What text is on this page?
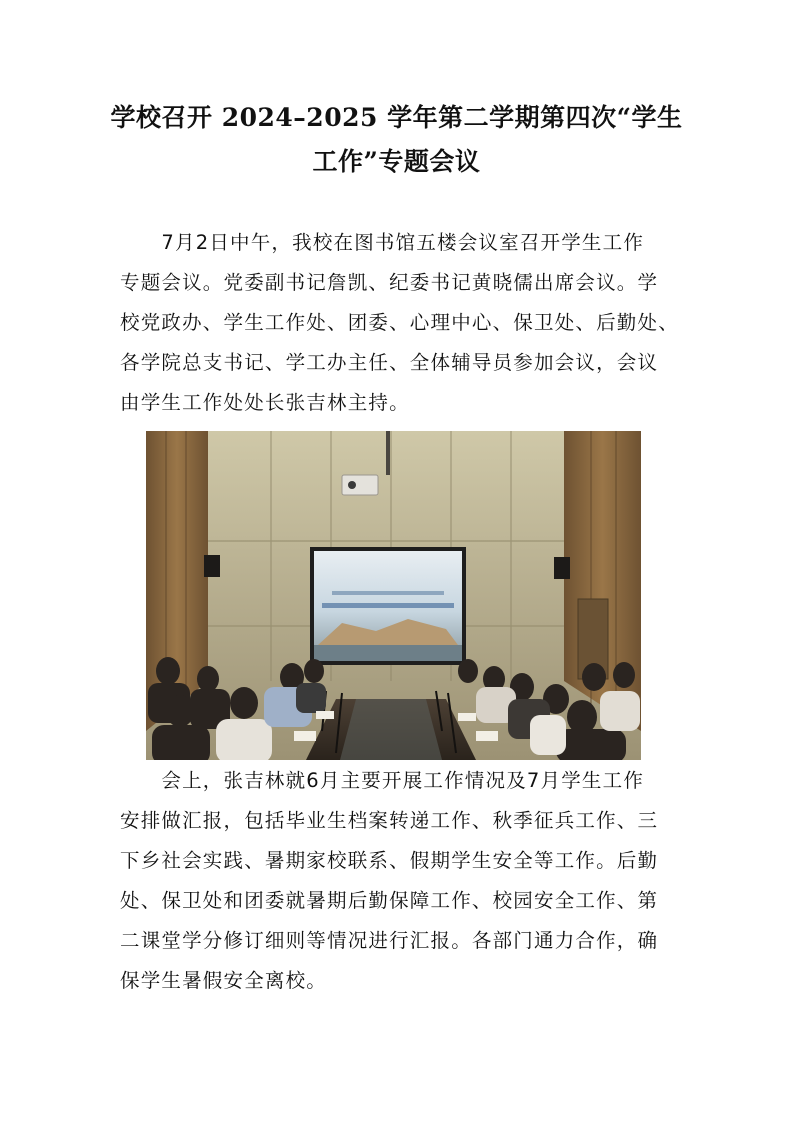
学校召开 2024–2025 学年第二学期第四次“学生
工作”专题会议

　　7月2日中午，我校在图书馆五楼会议室召开学生工作
专题会议。党委副书记詹凯、纪委书记黄晓儒出席会议。学
校党政办、学生工作处、团委、心理中心、保卫处、后勤处、
各学院总支书记、学工办主任、全体辅导员参加会议，会议
由学生工作处处长张吉林主持。

　　会上，张吉林就6月主要开展工作情况及7月学生工作
安排做汇报，包括毕业生档案转递工作、秋季征兵工作、三
下乡社会实践、暑期家校联系、假期学生安全等工作。后勤
处、保卫处和团委就暑期后勤保障工作、校园安全工作、第
二课堂学分修订细则等情况进行汇报。各部门通力合作，确
保学生暑假安全离校。
